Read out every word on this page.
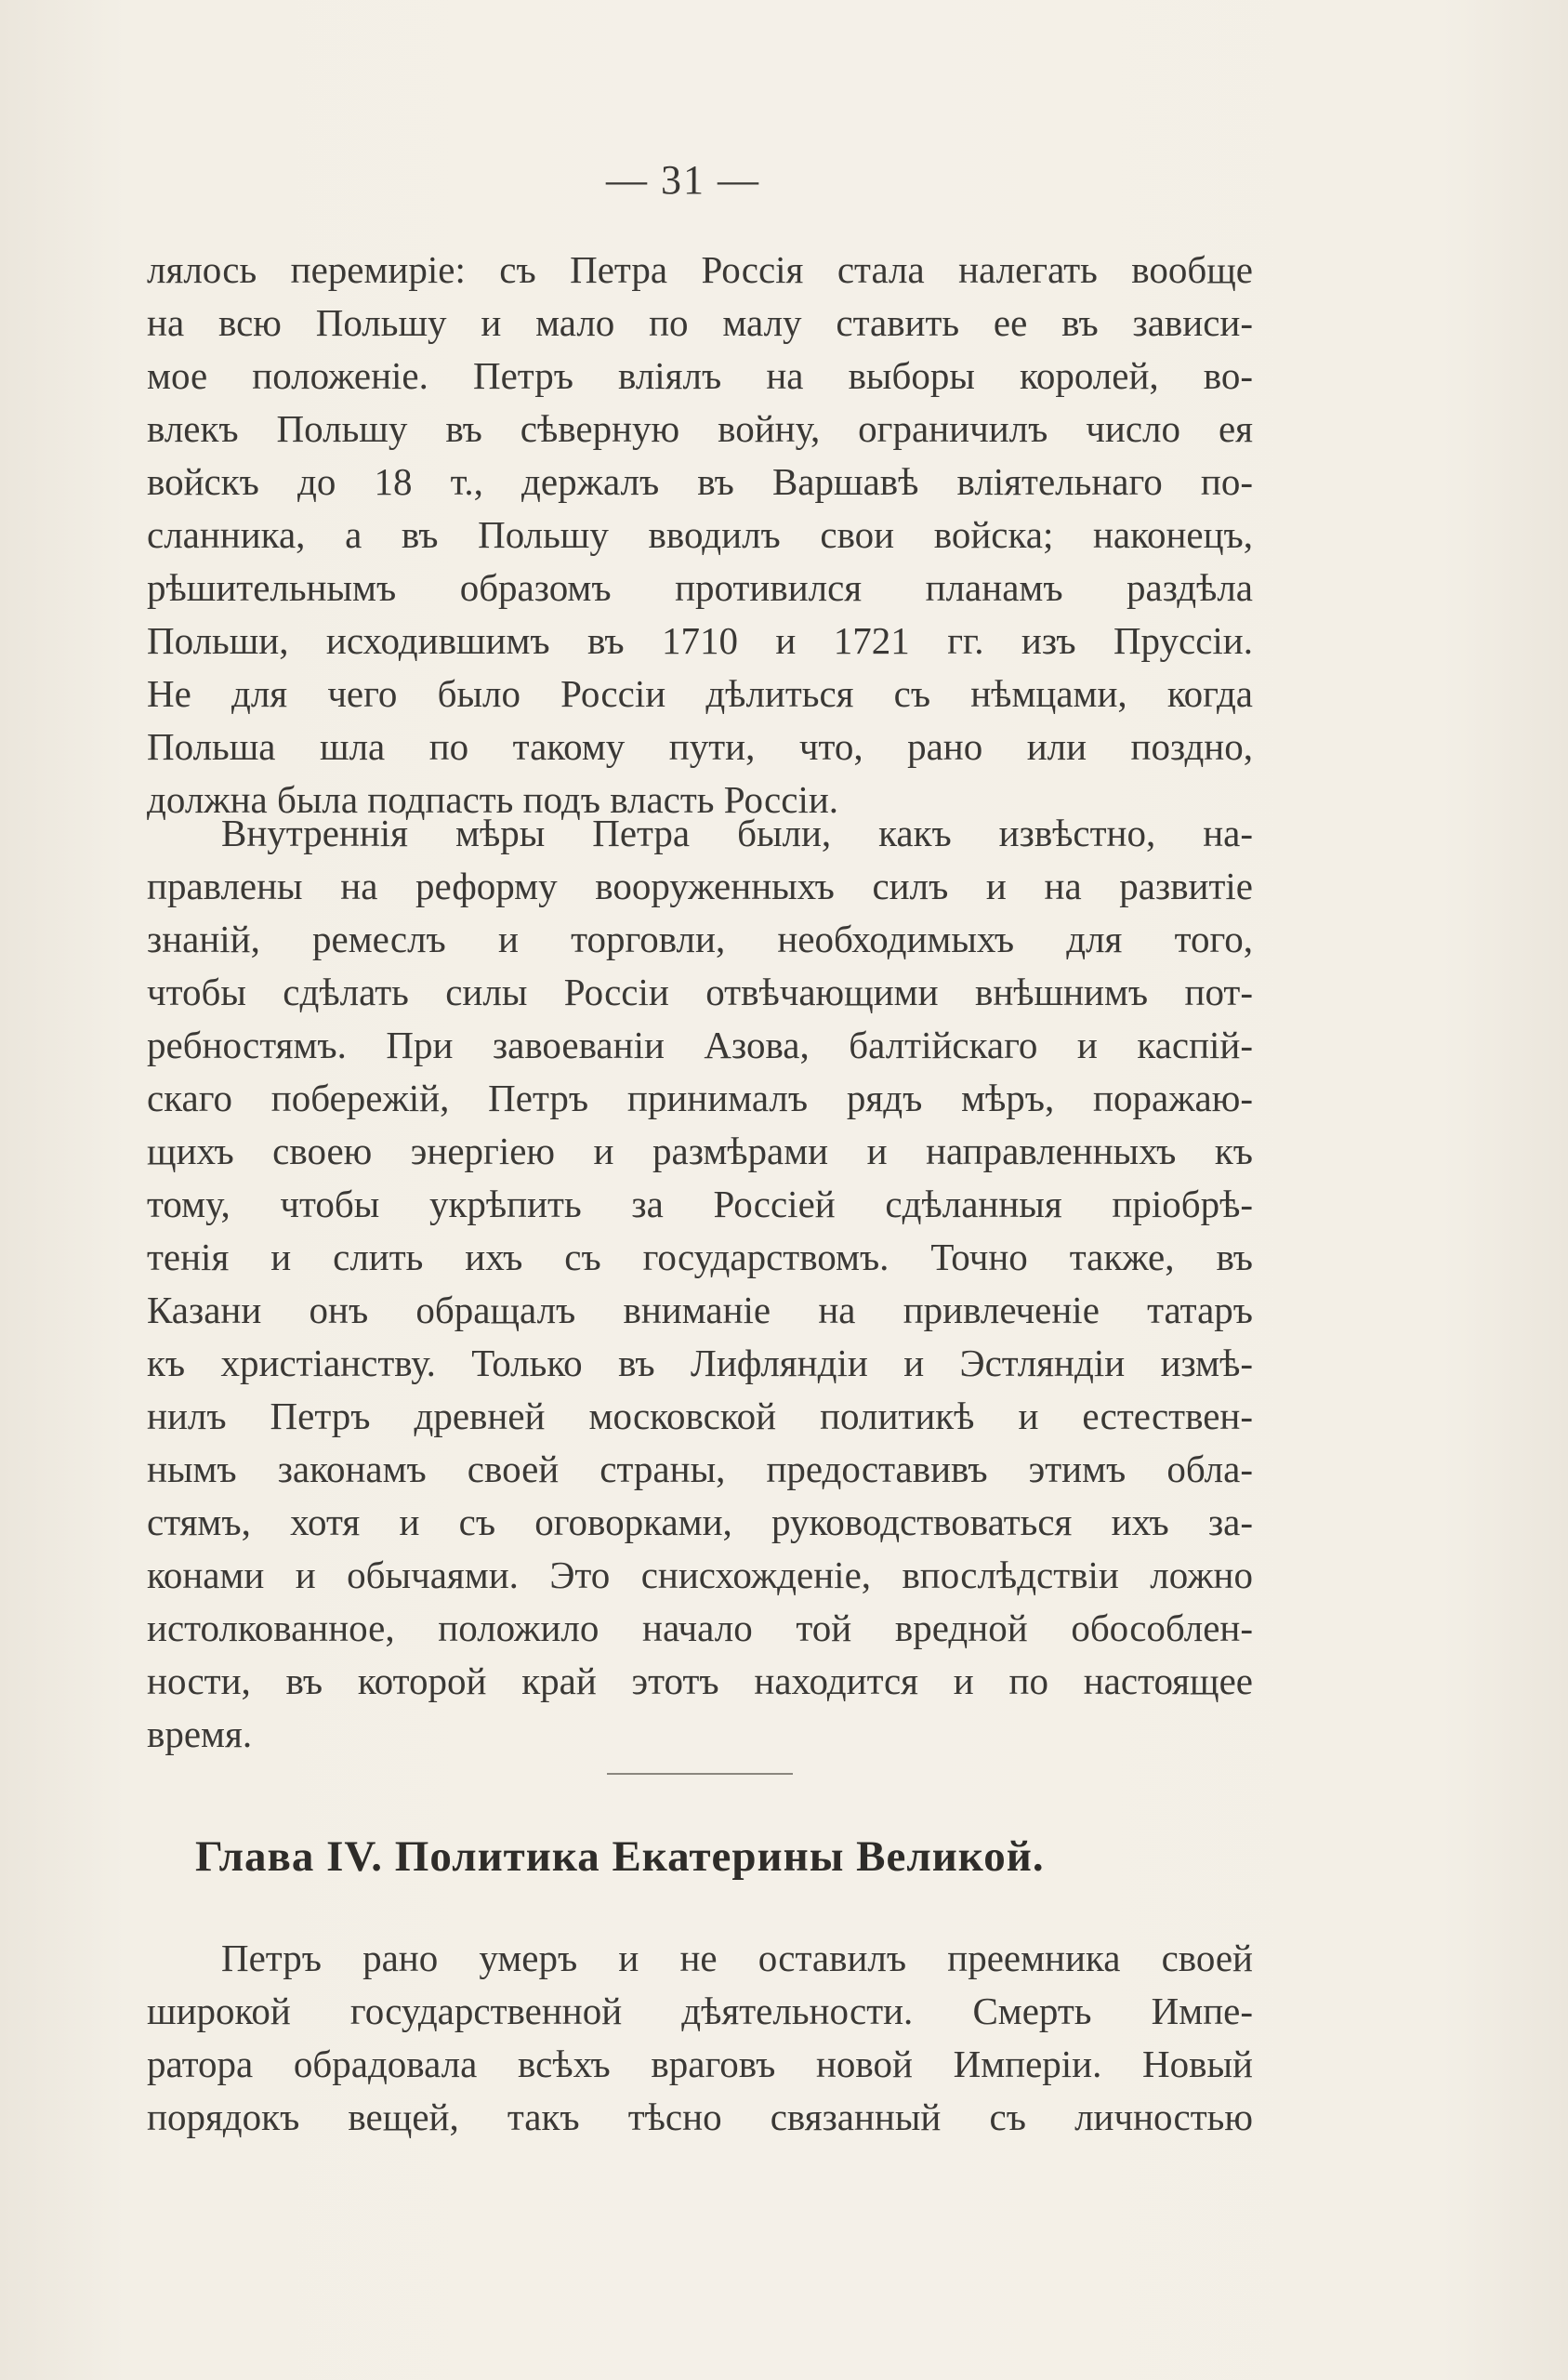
— 31 —
лялось перемиріе: съ Петра Россія стала налегать вообще
на всю Польшу и мало по малу ставить ее въ зависи-
мое положеніе. Петръ вліялъ на выборы королей, во-
влекъ Польшу въ сѣверную войну, ограничилъ число ея
войскъ до 18 т., держалъ въ Варшавѣ вліятельнаго по-
сланника, а въ Польшу вводилъ свои войска; наконецъ,
рѣшительнымъ образомъ противился планамъ раздѣла
Польши, исходившимъ въ 1710 и 1721 гг. изъ Пруссіи.
Не для чего было Россіи дѣлиться съ нѣмцами, когда
Польша шла по такому пути, что, рано или поздно,
должна была подпасть подъ власть Россіи.
Внутреннія мѣры Петра были, какъ извѣстно, на-
правлены на реформу вооруженныхъ силъ и на развитіе
знаній, ремеслъ и торговли, необходимыхъ для того,
чтобы сдѣлать силы Россіи отвѣчающими внѣшнимъ пот-
ребностямъ. При завоеваніи Азова, балтійскаго и каспій-
скаго побережій, Петръ принималъ рядъ мѣръ, поражаю-
щихъ своею энергіею и размѣрами и направленныхъ къ
тому, чтобы укрѣпить за Россіей сдѣланныя пріобрѣ-
тенія и слить ихъ съ государствомъ. Точно также, въ
Казани онъ обращалъ вниманіе на привлеченіе татаръ
къ христіанству. Только въ Лифляндіи и Эстляндіи измѣ-
нилъ Петръ древней московской политикѣ и естествен-
нымъ законамъ своей страны, предоставивъ этимъ обла-
стямъ, хотя и съ оговорками, руководствоваться ихъ за-
конами и обычаями. Это снисхожденіе, впослѣдствіи ложно
истолкованное, положило начало той вредной обособлен-
ности, въ которой край этотъ находится и по настоящее
время.
Глава IV. Политика Екатерины Великой.
Петръ рано умеръ и не оставилъ преемника своей
широкой государственной дѣятельности. Смерть Импе-
ратора обрадовала всѣхъ враговъ новой Имперіи. Новый
порядокъ вещей, такъ тѣсно связанный съ личностью
